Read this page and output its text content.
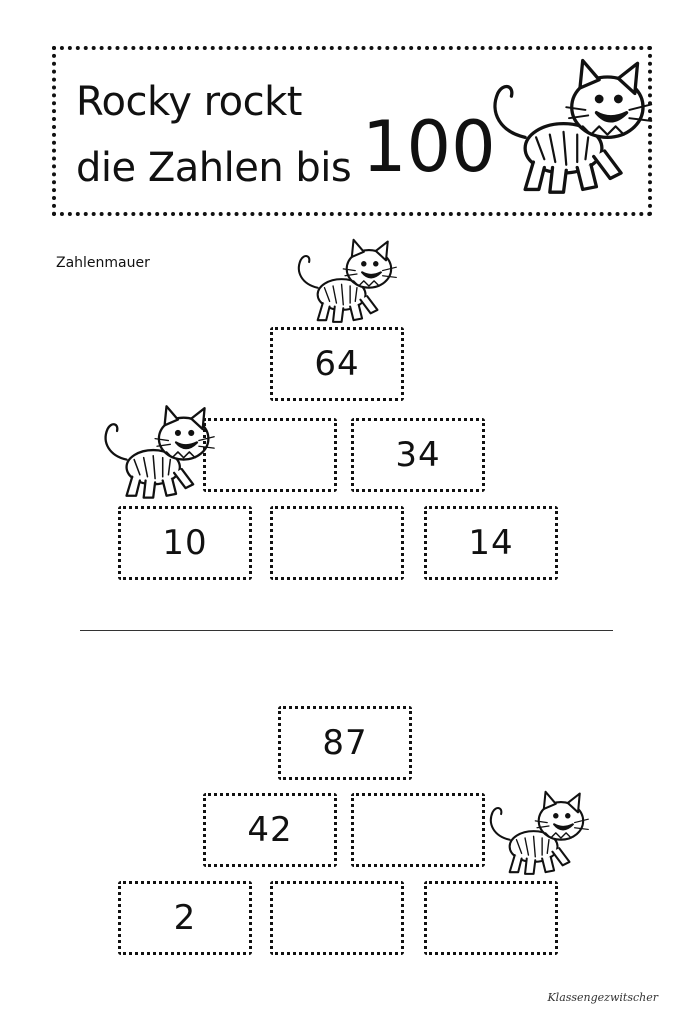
Rocky rockt
die Zahlen bis 100
Zahlenmauer
64
34
10	14
87
42
2
Klassengezwitscher
